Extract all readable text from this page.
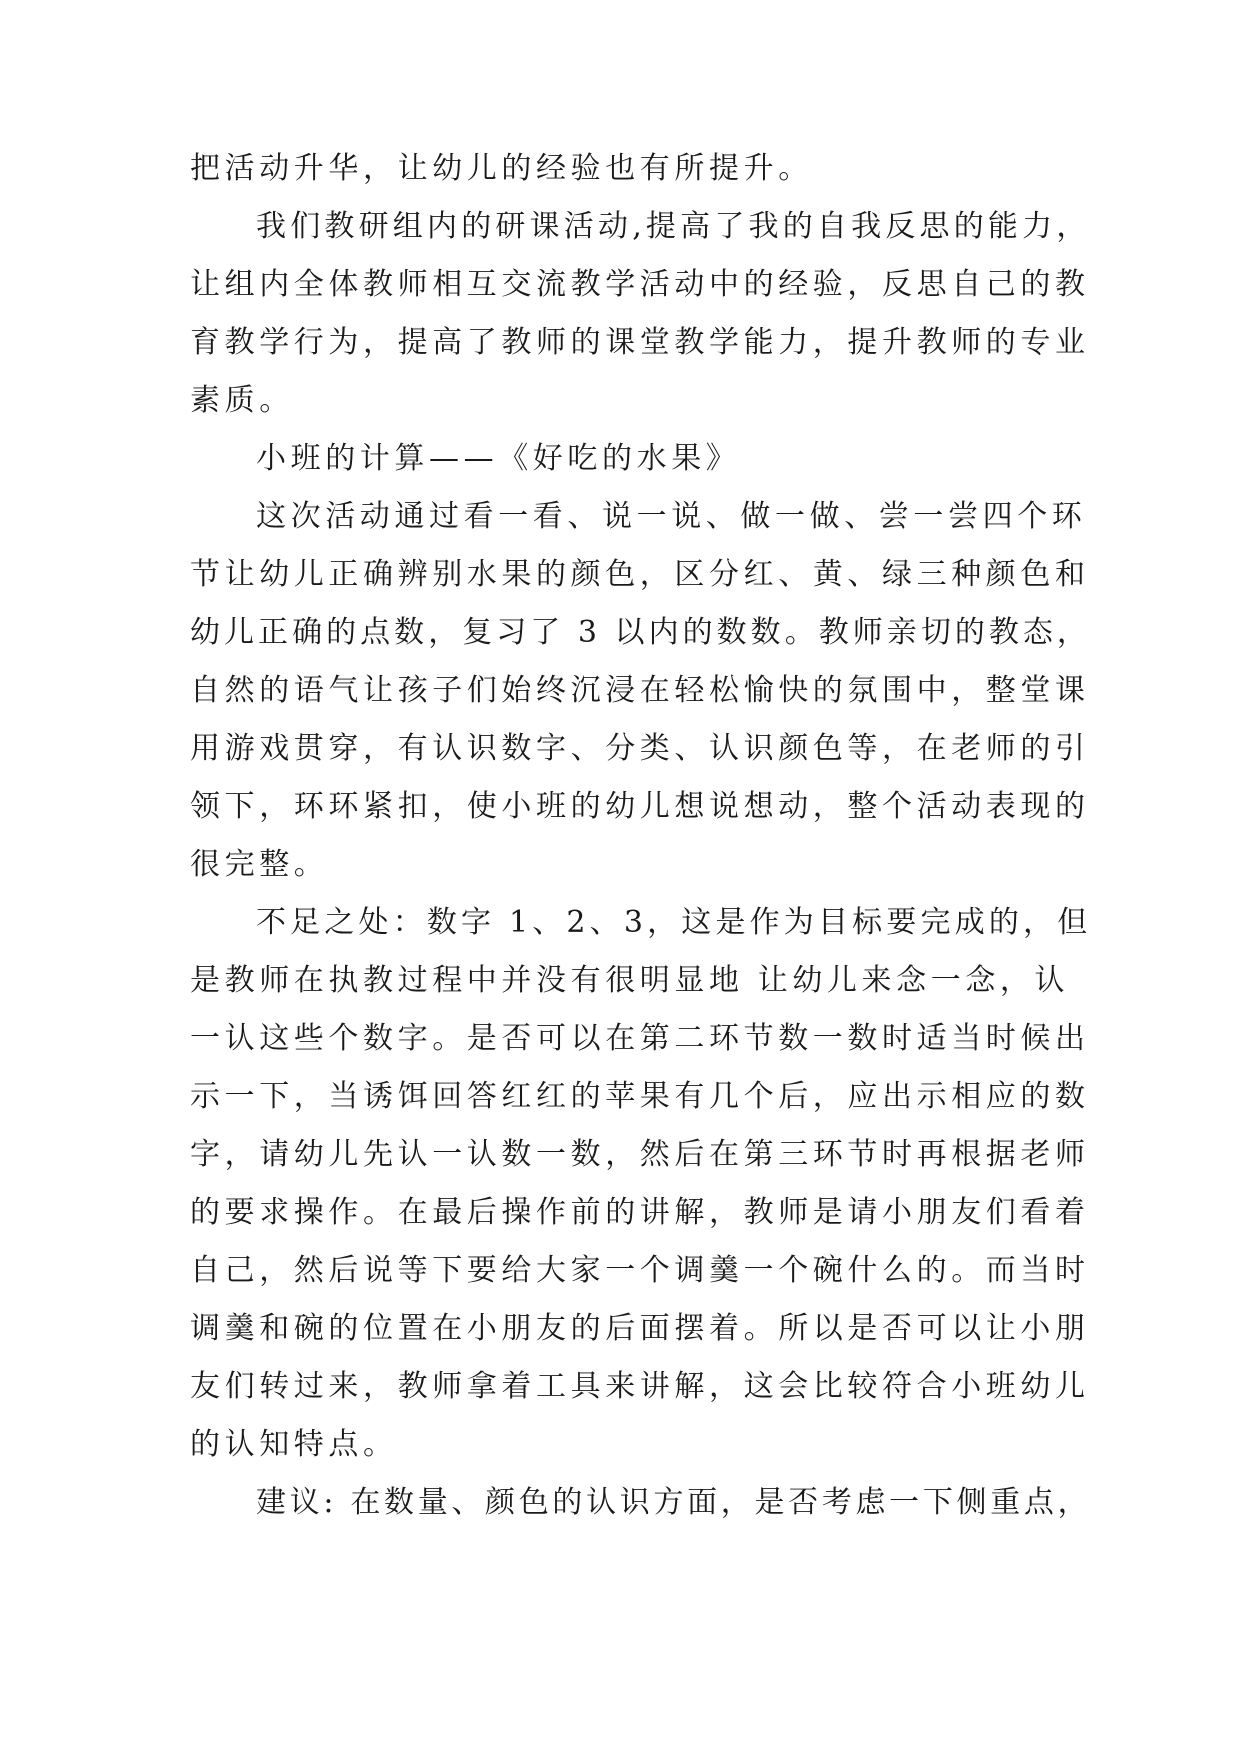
把活动升华，让幼儿的经验也有所提升。
我们教研组内的研课活动,提高了我的自我反思的能力，
让组内全体教师相互交流教学活动中的经验，反思自己的教
育教学行为，提高了教师的课堂教学能力，提升教师的专业
素质。
小班的计算——《好吃的水果》
这次活动通过看一看、说一说、做一做、尝一尝四个环
节让幼儿正确辨别水果的颜色，区分红、黄、绿三种颜色和
幼儿正确的点数，复习了 3 以内的数数。教师亲切的教态，
自然的语气让孩子们始终沉浸在轻松愉快的氛围中，整堂课
用游戏贯穿，有认识数字、分类、认识颜色等，在老师的引
领下，环环紧扣，使小班的幼儿想说想动，整个活动表现的
很完整。
不足之处：数字 1、2、3，这是作为目标要完成的，但
是教师在执教过程中并没有很明显地 让幼儿来念一念，认
一认这些个数字。是否可以在第二环节数一数时适当时候出
示一下，当诱饵回答红红的苹果有几个后，应出示相应的数
字，请幼儿先认一认数一数，然后在第三环节时再根据老师
的要求操作。在最后操作前的讲解，教师是请小朋友们看着
自己，然后说等下要给大家一个调羹一个碗什么的。而当时
调羹和碗的位置在小朋友的后面摆着。所以是否可以让小朋
友们转过来，教师拿着工具来讲解，这会比较符合小班幼儿
的认知特点。
建议: 在数量、颜色的认识方面，是否考虑一下侧重点，
